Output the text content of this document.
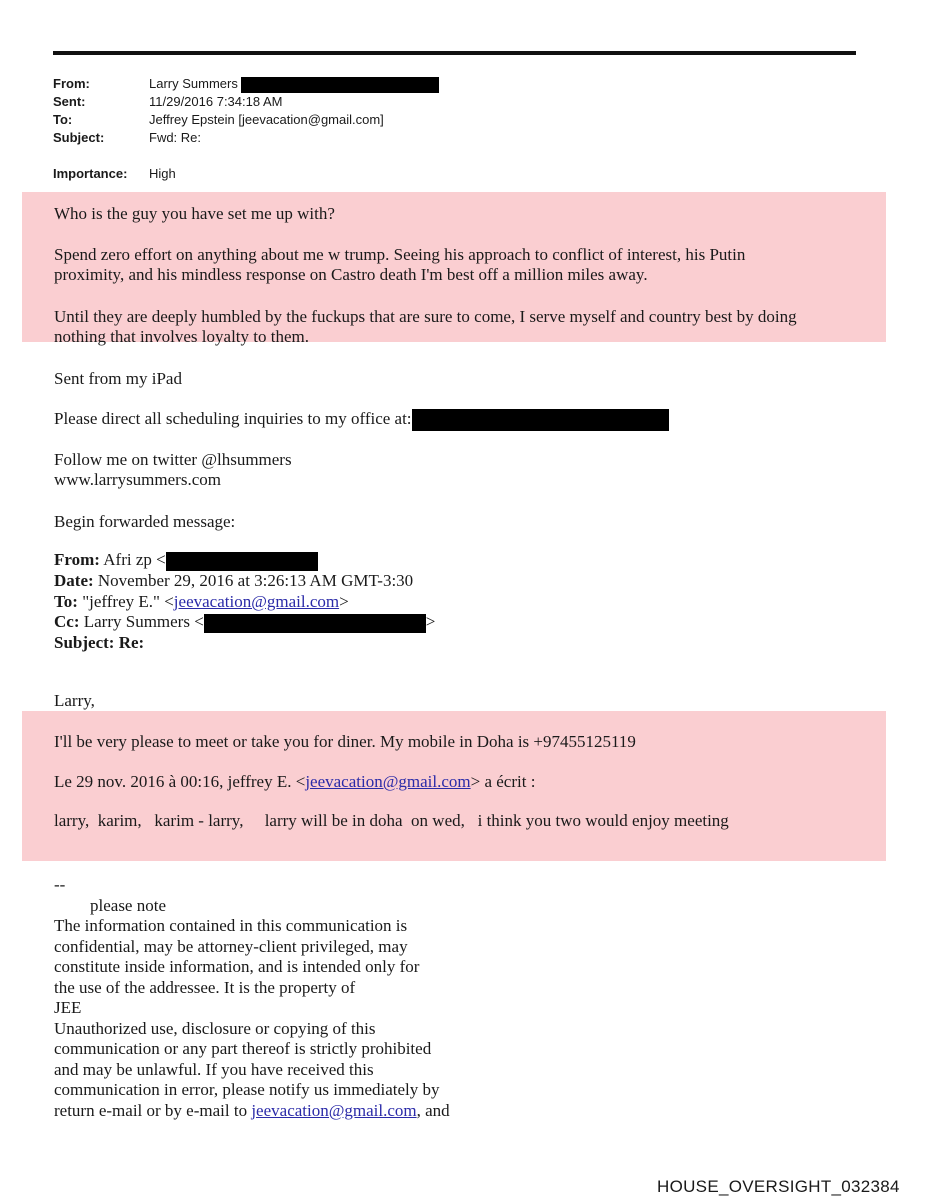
From:	Larry Summers
Sent:	11/29/2016 7:34:18 AM
To:	Jeffrey Epstein [jeevacation@gmail.com]
Subject:	Fwd: Re:
Importance:	High
Who is the guy you have set me up with?
Spend zero effort on anything about me w trump. Seeing his approach to conflict of interest, his Putin
proximity, and his mindless response on Castro death I'm best off a million miles away.
Until they are deeply humbled by the fuckups that are sure to come, I serve myself and country best by doing
nothing that involves loyalty to them.
Sent from my iPad
Please direct all scheduling inquiries to my office at:
Follow me on twitter @lhsummers
www.larrysummers.com
Begin forwarded message:
From: Afri zp <
Date: November 29, 2016 at 3:26:13 AM GMT-3:30
To: "jeffrey E." <jeevacation@gmail.com>
Cc: Larry Summers <	>
Subject: Re:
Larry,
I'll be very please to meet or take you for diner. My mobile in Doha is +97455125119
Le 29 nov. 2016 à 00:16, jeffrey E. <jeevacation@gmail.com> a écrit :
larry,  karim,   karim - larry,     larry will be in doha  on wed,   i think you two would enjoy meeting
--
please note
The information contained in this communication is
confidential, may be attorney-client privileged, may
constitute inside information, and is intended only for
the use of the addressee. It is the property of
JEE
Unauthorized use, disclosure or copying of this
communication or any part thereof is strictly prohibited
and may be unlawful. If you have received this
communication in error, please notify us immediately by
return e-mail or by e-mail to jeevacation@gmail.com, and
HOUSE_OVERSIGHT_032384
